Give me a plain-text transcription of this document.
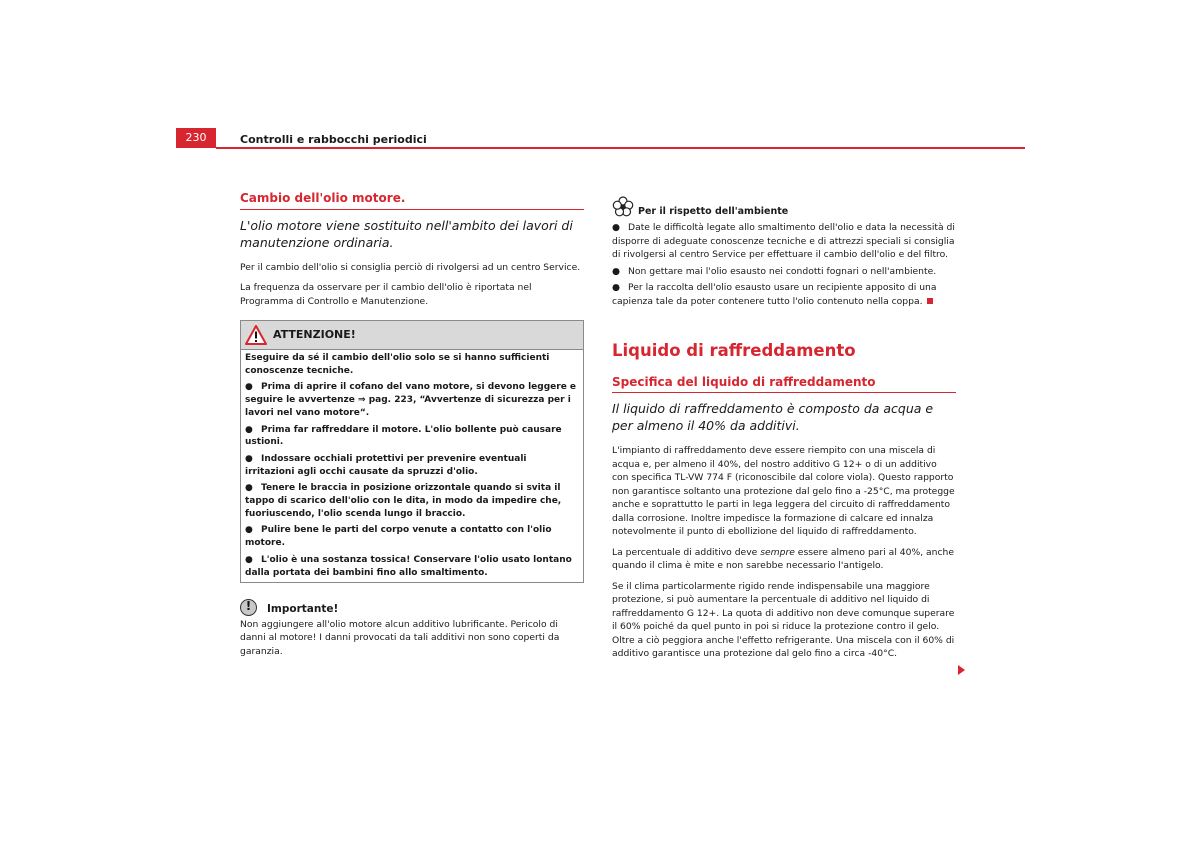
230	Controlli e rabbocchi periodici
Cambio dell'olio motore.

L'olio motore viene sostituito nell'ambito dei lavori di manutenzione ordinaria.

Per il cambio dell'olio si consiglia perciò di rivolgersi ad un centro Service.

La frequenza da osservare per il cambio dell'olio è riportata nel Programma di Controllo e Manutenzione.

ATTENZIONE!

Eseguire da sé il cambio dell'olio solo se si hanno sufficienti conoscenze tecniche.

● Prima di aprire il cofano del vano motore, si devono leggere e seguire le avvertenze ⇒ pag. 223, “Avvertenze di sicurezza per i lavori nel vano motore“.

● Prima far raffreddare il motore. L'olio bollente può causare ustioni.

● Indossare occhiali protettivi per prevenire eventuali irritazioni agli occhi causate da spruzzi d'olio.

● Tenere le braccia in posizione orizzontale quando si svita il tappo di scarico dell'olio con le dita, in modo da impedire che, fuoriuscendo, l'olio scenda lungo il braccio.

● Pulire bene le parti del corpo venute a contatto con l'olio motore.

● L'olio è una sostanza tossica! Conservare l'olio usato lontano dalla portata dei bambini fino allo smaltimento.

!	Importante!

Non aggiungere all'olio motore alcun additivo lubrificante. Pericolo di danni al motore! I danni provocati da tali additivi non sono coperti da garanzia.

Per il rispetto dell'ambiente

● Date le difficoltà legate allo smaltimento dell'olio e data la necessità di disporre di adeguate conoscenze tecniche e di attrezzi speciali si consiglia di rivolgersi al centro Service per effettuare il cambio dell'olio e del filtro.

● Non gettare mai l'olio esausto nei condotti fognari o nell'ambiente.

● Per la raccolta dell'olio esausto usare un recipiente apposito di una capienza tale da poter contenere tutto l'olio contenuto nella coppa.

Liquido di raffreddamento
Specifica del liquido di raffreddamento

Il liquido di raffreddamento è composto da acqua e per almeno il 40% da additivi.

L'impianto di raffreddamento deve essere riempito con una miscela di acqua e, per almeno il 40%, del nostro additivo G 12+ o di un additivo con specifica TL-VW 774 F (riconoscibile dal colore viola). Questo rapporto non garantisce soltanto una protezione dal gelo fino a -25°C, ma protegge anche e soprattutto le parti in lega leggera del circuito di raffreddamento dalla corrosione. Inoltre impedisce la formazione di calcare ed innalza notevolmente il punto di ebollizione del liquido di raffreddamento.

La percentuale di additivo deve sempre essere almeno pari al 40%, anche quando il clima è mite e non sarebbe necessario l'antigelo.

Se il clima particolarmente rigido rende indispensabile una maggiore protezione, si può aumentare la percentuale di additivo nel liquido di raffreddamento G 12+. La quota di additivo non deve comunque superare il 60% poiché da quel punto in poi si riduce la protezione contro il gelo. Oltre a ciò peggiora anche l'effetto refrigerante. Una miscela con il 60% di additivo garantisce una protezione dal gelo fino a circa -40°C.
